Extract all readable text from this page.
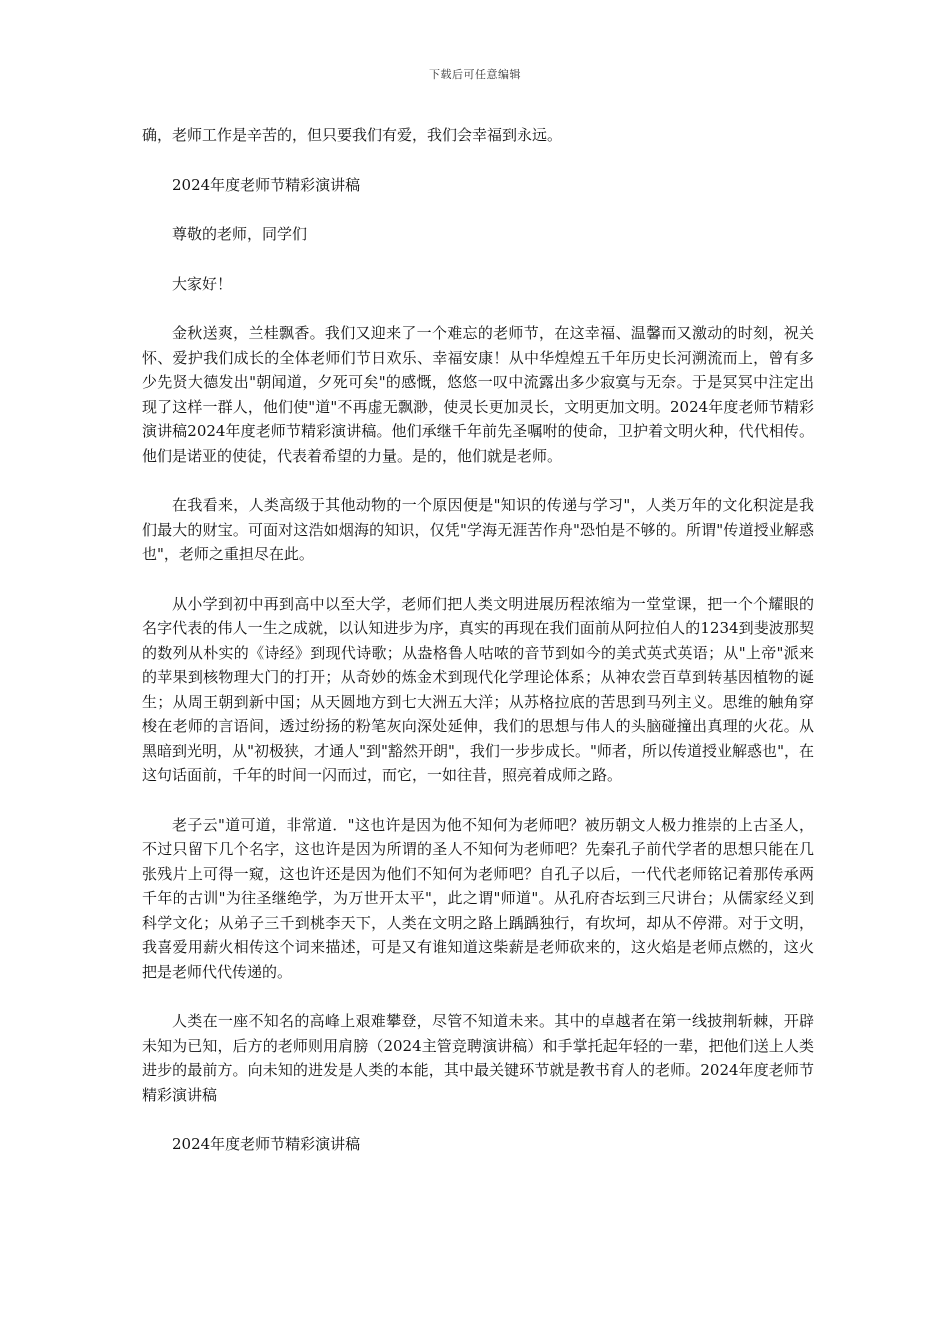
下载后可任意编辑

确，老师工作是辛苦的，但只要我们有爱，我们会幸福到永远。

2024年度老师节精彩演讲稿

尊敬的老师，同学们

大家好！

金秋送爽，兰桂飘香。我们又迎来了一个难忘的老师节，在这幸福、温馨而又激动的时刻，祝关怀、爱护我们成长的全体老师们节日欢乐、幸福安康！从中华煌煌五千年历史长河溯流而上，曾有多少先贤大德发出"朝闻道，夕死可矣"的感慨，悠悠一叹中流露出多少寂寞与无奈。于是冥冥中注定出现了这样一群人，他们使"道"不再虚无飘渺，使灵长更加灵长，文明更加文明。2024年度老师节精彩演讲稿2024年度老师节精彩演讲稿。他们承继千年前先圣嘱咐的使命，卫护着文明火种，代代相传。他们是诺亚的使徒，代表着希望的力量。是的，他们就是老师。

在我看来，人类高级于其他动物的一个原因便是"知识的传递与学习"，人类万年的文化积淀是我们最大的财宝。可面对这浩如烟海的知识，仅凭"学海无涯苦作舟"恐怕是不够的。所谓"传道授业解惑也"，老师之重担尽在此。

从小学到初中再到高中以至大学，老师们把人类文明进展历程浓缩为一堂堂课，把一个个耀眼的名字代表的伟人一生之成就，以认知进步为序，真实的再现在我们面前从阿拉伯人的1234到斐波那契的数列从朴实的《诗经》到现代诗歌；从盎格鲁人咕哝的音节到如今的美式英式英语；从"上帝"派来的苹果到核物理大门的打开；从奇妙的炼金术到现代化学理论体系；从神农尝百草到转基因植物的诞生；从周王朝到新中国；从天圆地方到七大洲五大洋；从苏格拉底的苦思到马列主义。思维的触角穿梭在老师的言语间，透过纷扬的粉笔灰向深处延伸，我们的思想与伟人的头脑碰撞出真理的火花。从黑暗到光明，从"初极狭，才通人"到"豁然开朗"，我们一步步成长。"师者，所以传道授业解惑也"，在这句话面前，千年的时间一闪而过，而它，一如往昔，照亮着成师之路。

老子云"道可道，非常道．"这也许是因为他不知何为老师吧？被历朝文人极力推崇的上古圣人，不过只留下几个名字，这也许是因为所谓的圣人不知何为老师吧？先秦孔子前代学者的思想只能在几张残片上可得一窥，这也许还是因为他们不知何为老师吧？自孔子以后，一代代老师铭记着那传承两千年的古训"为往圣继绝学，为万世开太平"，此之谓"师道"。从孔府杏坛到三尺讲台；从儒家经义到科学文化；从弟子三千到桃李天下，人类在文明之路上踽踽独行，有坎坷，却从不停滞。对于文明，我喜爱用薪火相传这个词来描述，可是又有谁知道这柴薪是老师砍来的，这火焰是老师点燃的，这火把是老师代代传递的。

人类在一座不知名的高峰上艰难攀登，尽管不知道未来。其中的卓越者在第一线披荆斩棘，开辟未知为已知，后方的老师则用肩膀（2024主管竞聘演讲稿）和手掌托起年轻的一辈，把他们送上人类进步的最前方。向未知的进发是人类的本能，其中最关键环节就是教书育人的老师。2024年度老师节精彩演讲稿

2024年度老师节精彩演讲稿
